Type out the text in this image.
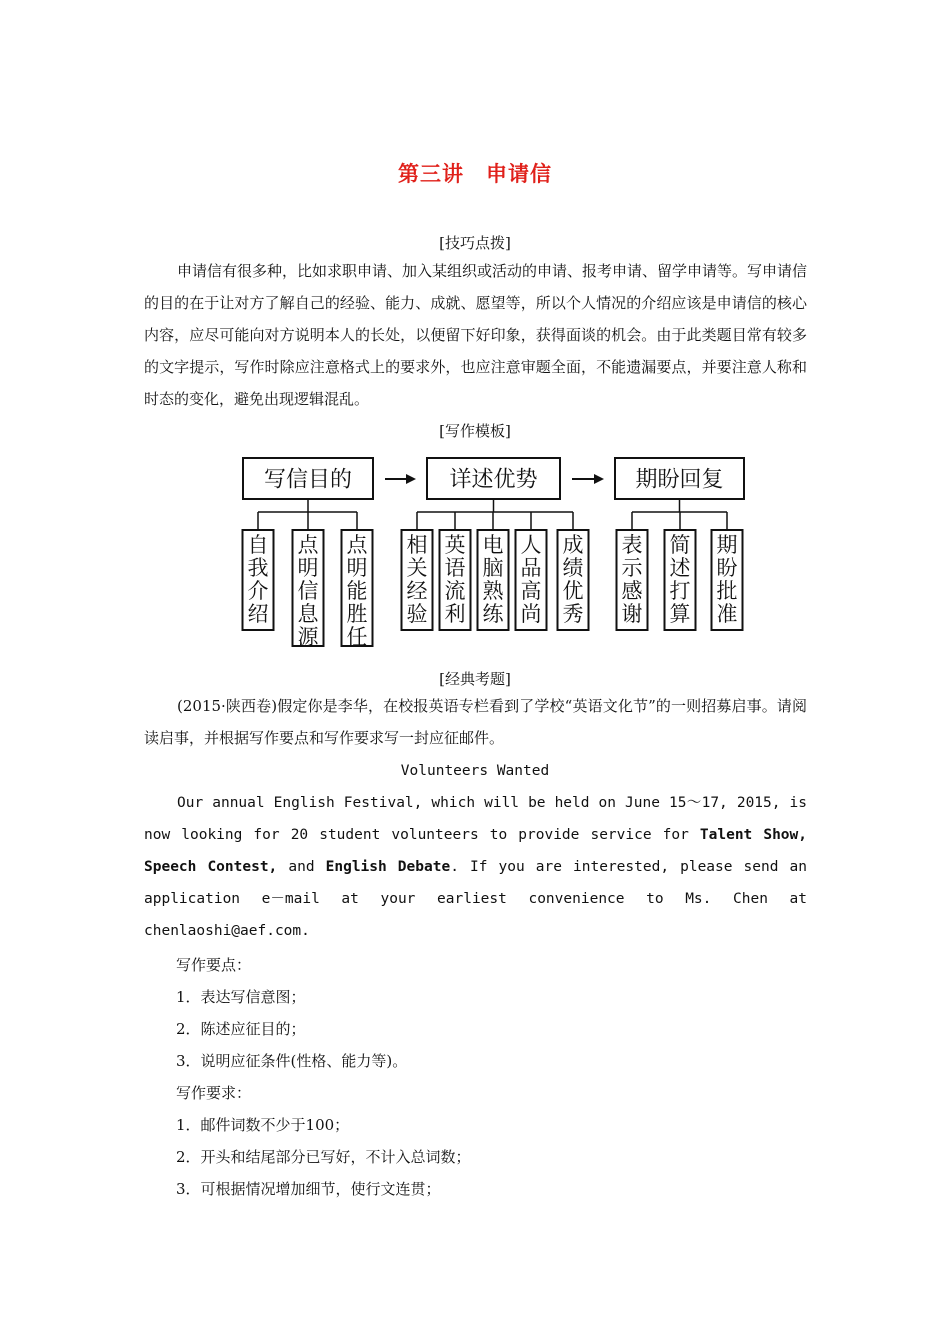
第三讲　申请信
[技巧点拨]

申请信有很多种，比如求职申请、加入某组织或活动的申请、报考申请、留学申请等。写申请信的目的在于让对方了解自己的经验、能力、成就、愿望等，所以个人情况的介绍应该是申请信的核心内容，应尽可能向对方说明本人的长处，以便留下好印象，获得面谈的机会。由于此类题目常有较多的文字提示，写作时除应注意格式上的要求外，也应注意审题全面，不能遗漏要点，并要注意人称和时态的变化，避免出现逻辑混乱。

[写作模板]
写信目的
自
我
介
绍
点
明
信
息
源
点
明
能
胜
任
详述优势
相
关
经
验
英
语
流
利
电
脑
熟
练
人
品
高
尚
成
绩
优
秀
期盼回复
表
示
感
谢
简
述
打
算
期
盼
批
准
[经典考题]

(2015·陕西卷)假定你是李华，在校报英语专栏看到了学校“英语文化节”的一则招募启事。请阅读启事，并根据写作要点和写作要求写一封应征邮件。

Volunteers Wanted
Our annual English Festival, which will be held on June 15～17, 2015, is now looking for 20 student volunteers to provide service for Talent Show, Speech Contest, and English Debate. If you are interested, please send an application e－mail at your earliest convenience to Ms. Chen at chenlaoshi@aef.com.
写作要点：
1．表达写信意图；
2．陈述应征目的；
3．说明应征条件(性格、能力等)。
写作要求：
1．邮件词数不少于100；
2．开头和结尾部分已写好，不计入总词数；
3．可根据情况增加细节，使行文连贯；
